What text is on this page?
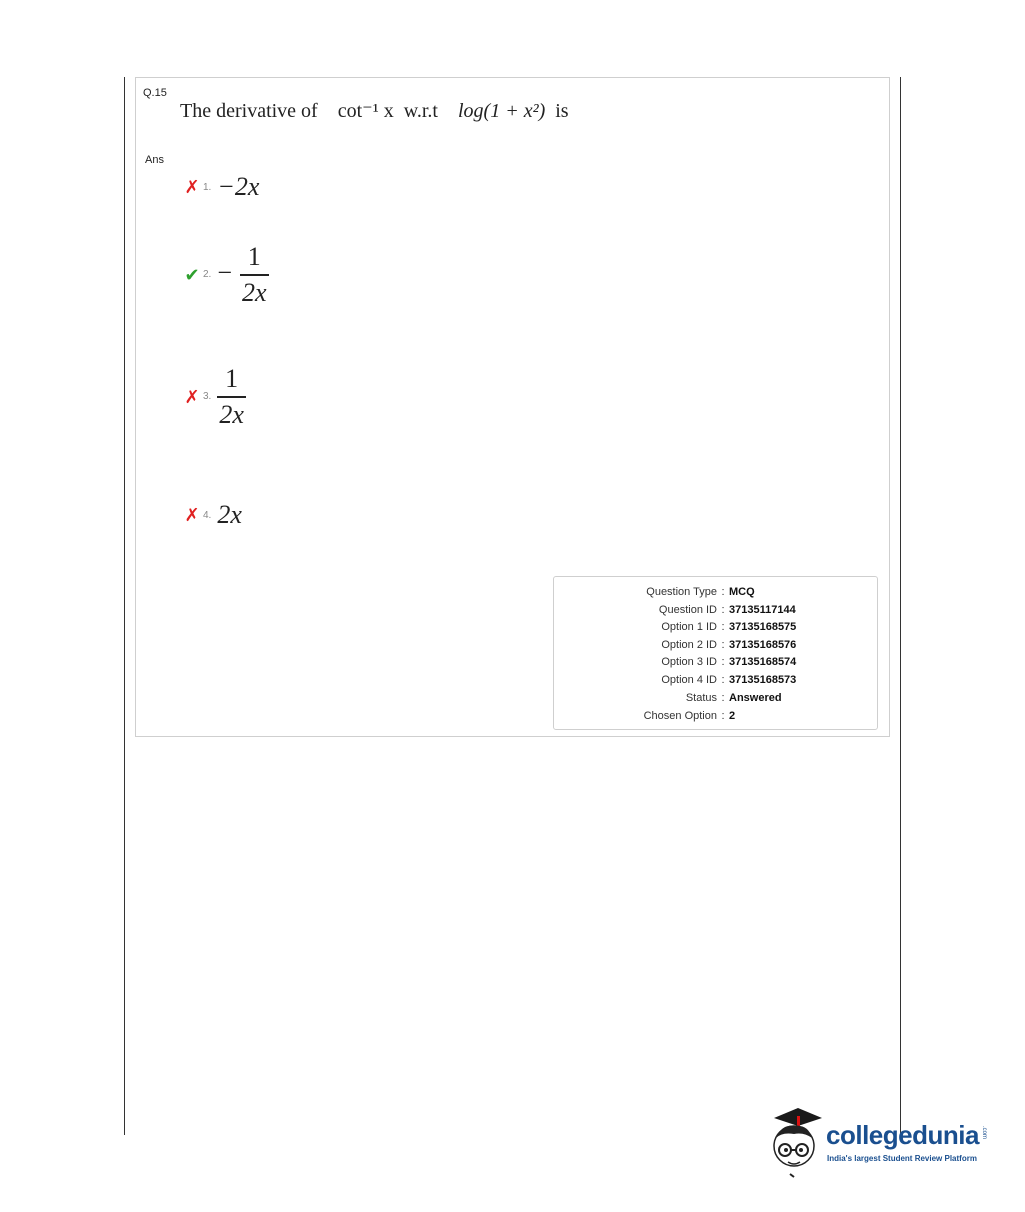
Q.15
The derivative of cot⁻¹ x w.r.t log(1 + x²) is
Ans
✗ 1. −2x
✔ 2. − $\frac{1}{2x}$
✗ 3. $\frac{1}{2x}$
✗ 4. 2x
Question Type : MCQ
Question ID : 37135117144
Option 1 ID : 37135168575
Option 2 ID : 37135168576
Option 3 ID : 37135168574
Option 4 ID : 37135168573
Status : Answered
Chosen Option : 2
collegedunia .com
India's largest Student Review Platform
